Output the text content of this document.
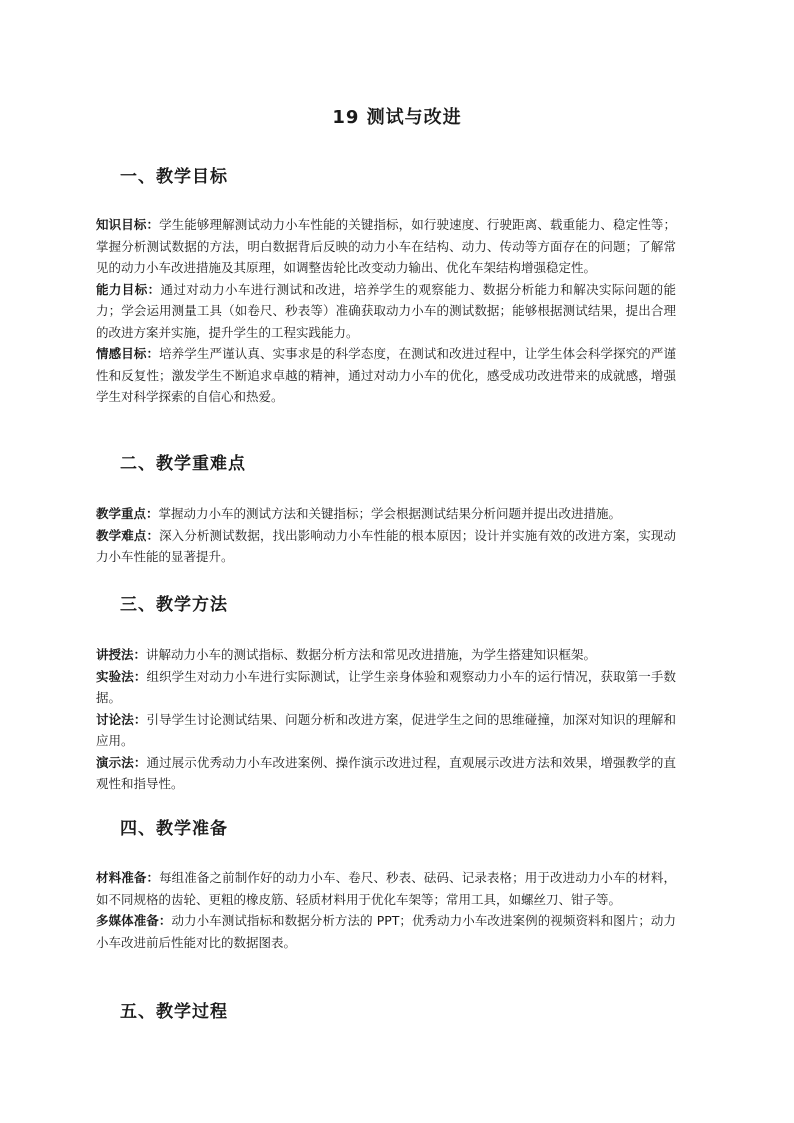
19 测试与改进
一、教学目标

知识目标：学生能够理解测试动力小车性能的关键指标，如行驶速度、行驶距离、载重能力、稳定性等；掌握分析测试数据的方法，明白数据背后反映的动力小车在结构、动力、传动等方面存在的问题；了解常见的动力小车改进措施及其原理，如调整齿轮比改变动力输出、优化车架结构增强稳定性。

能力目标：通过对动力小车进行测试和改进，培养学生的观察能力、数据分析能力和解决实际问题的能力；学会运用测量工具（如卷尺、秒表等）准确获取动力小车的测试数据；能够根据测试结果，提出合理的改进方案并实施，提升学生的工程实践能力。

情感目标：培养学生严谨认真、实事求是的科学态度，在测试和改进过程中，让学生体会科学探究的严谨性和反复性；激发学生不断追求卓越的精神，通过对动力小车的优化，感受成功改进带来的成就感，增强学生对科学探索的自信心和热爱。

二、教学重难点

教学重点：掌握动力小车的测试方法和关键指标；学会根据测试结果分析问题并提出改进措施。

教学难点：深入分析测试数据，找出影响动力小车性能的根本原因；设计并实施有效的改进方案，实现动力小车性能的显著提升。

三、教学方法

讲授法：讲解动力小车的测试指标、数据分析方法和常见改进措施，为学生搭建知识框架。

实验法：组织学生对动力小车进行实际测试，让学生亲身体验和观察动力小车的运行情况，获取第一手数据。

讨论法：引导学生讨论测试结果、问题分析和改进方案，促进学生之间的思维碰撞，加深对知识的理解和应用。

演示法：通过展示优秀动力小车改进案例、操作演示改进过程，直观展示改进方法和效果，增强教学的直观性和指导性。

四、教学准备

材料准备：每组准备之前制作好的动力小车、卷尺、秒表、砝码、记录表格；用于改进动力小车的材料，如不同规格的齿轮、更粗的橡皮筋、轻质材料用于优化车架等；常用工具，如螺丝刀、钳子等。

多媒体准备：动力小车测试指标和数据分析方法的 PPT；优秀动力小车改进案例的视频资料和图片；动力小车改进前后性能对比的数据图表。

五、教学过程
